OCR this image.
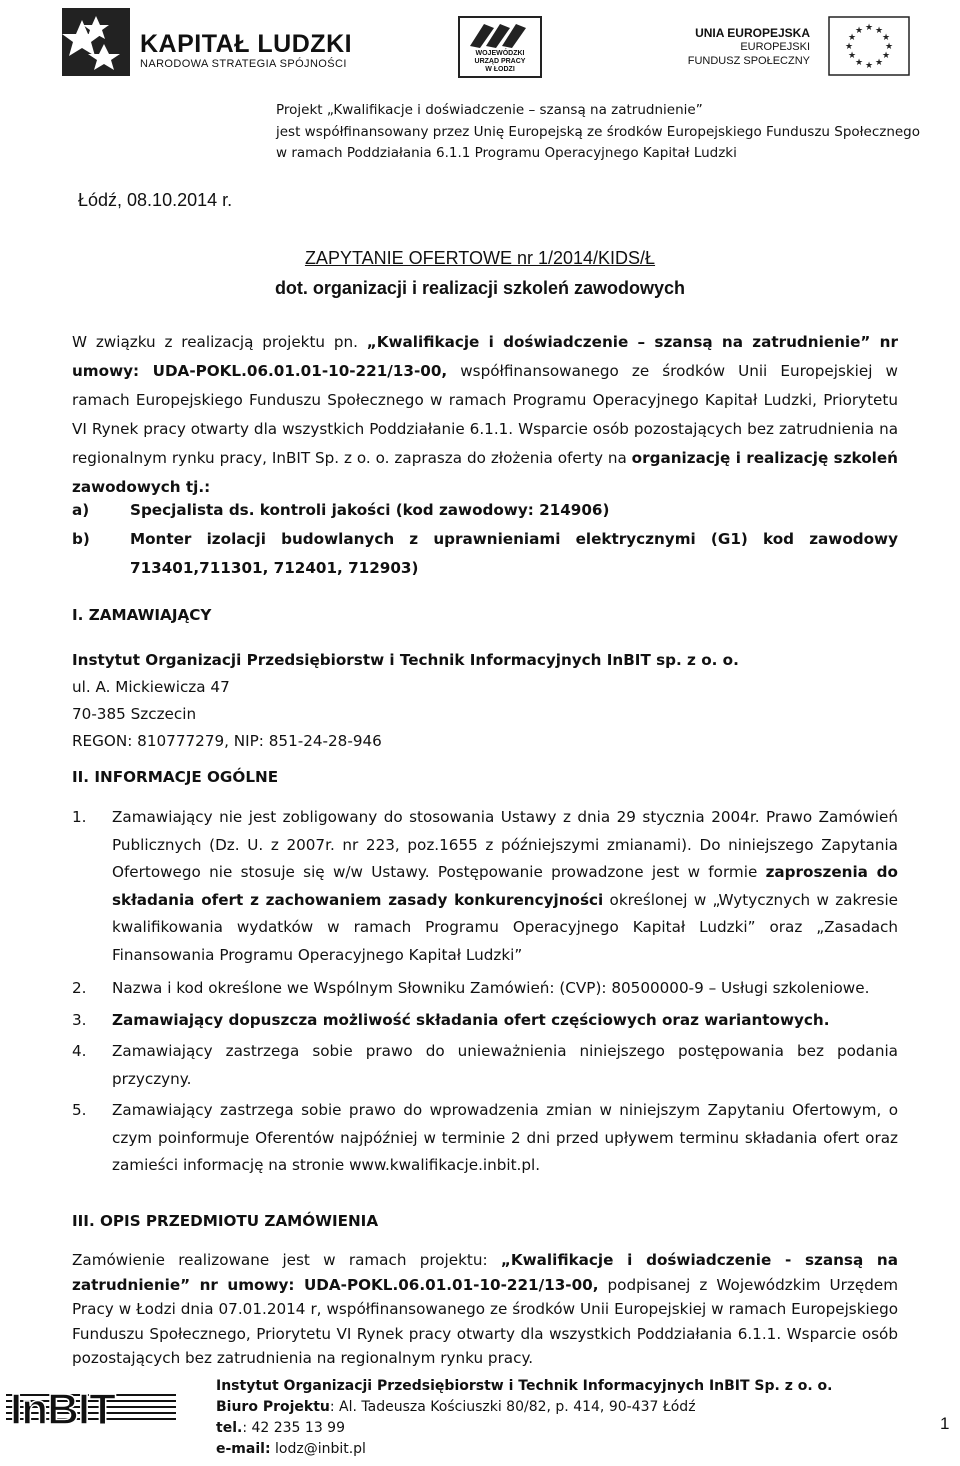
KAPITAŁ LUDZKI
NARODOWA STRATEGIA SPÓJNOŚCI
WOJEWÓDZKI
URZĄD PRACY
W ŁODZI
UNIA EUROPEJSKA
EUROPEJSKI
FUNDUSZ SPOŁECZNY
★ ★
★
★
★
★
★
★
★
★
★
★
Projekt „Kwalifikacje i doświadczenie – szansą na zatrudnienie”
jest współfinansowany przez Unię Europejską ze środków Europejskiego Funduszu Społecznego
w ramach Poddziałania 6.1.1 Programu Operacyjnego Kapitał Ludzki
Łódź, 08.10.2014 r.
ZAPYTANIE OFERTOWE nr 1/2014/KIDS/Ł
dot. organizacji i realizacji szkoleń zawodowych
W związku z realizacją projektu pn. „Kwalifikacje i doświadczenie – szansą na zatrudnienie” nr umowy: UDA-POKL.06.01.01-10-221/13-00, współfinansowanego ze środków Unii Europejskiej w ramach Europejskiego Funduszu Społecznego w ramach Programu Operacyjnego Kapitał Ludzki, Priorytetu VI Rynek pracy otwarty dla wszystkich Poddziałanie 6.1.1. Wsparcie osób pozostających bez zatrudnienia na regionalnym rynku pracy, InBIT Sp. z o. o. zaprasza do złożenia oferty na organizację i realizację szkoleń zawodowych tj.:
a)	Specjalista ds. kontroli jakości (kod zawodowy: 214906)
b)	Monter izolacji budowlanych z uprawnieniami elektrycznymi (G1) kod zawodowy 713401,711301, 712401, 712903)
I. ZAMAWIAJĄCY
Instytut Organizacji Przedsiębiorstw i Technik Informacyjnych InBIT sp. z o. o.
ul. A. Mickiewicza 47
70-385 Szczecin
REGON: 810777279, NIP: 851-24-28-946
II. INFORMACJE OGÓLNE
1.	Zamawiający nie jest zobligowany do stosowania Ustawy z dnia 29 stycznia 2004r. Prawo Zamówień Publicznych (Dz. U. z 2007r. nr 223, poz.1655 z późniejszymi zmianami). Do niniejszego Zapytania Ofertowego nie stosuje się w/w Ustawy. Postępowanie prowadzone jest w formie zaproszenia do składania ofert z zachowaniem zasady konkurencyjności określonej w „Wytycznych w zakresie kwalifikowania wydatków w ramach Programu Operacyjnego Kapitał Ludzki” oraz „Zasadach Finansowania Programu Operacyjnego Kapitał Ludzki”
2.	Nazwa i kod określone we Wspólnym Słowniku Zamówień: (CVP): 80500000-9 – Usługi szkoleniowe.
3.	Zamawiający dopuszcza możliwość składania ofert częściowych oraz wariantowych.
4.	Zamawiający zastrzega sobie prawo do unieważnienia niniejszego postępowania bez podania przyczyny.
5.	Zamawiający zastrzega sobie prawo do wprowadzenia zmian w niniejszym Zapytaniu Ofertowym, o czym poinformuje Oferentów najpóźniej w terminie 2 dni przed upływem terminu składania ofert oraz zamieści informację na stronie www.kwalifikacje.inbit.pl.
III. OPIS PRZEDMIOTU ZAMÓWIENIA
Zamówienie realizowane jest w ramach projektu: „Kwalifikacje i doświadczenie - szansą na zatrudnienie” nr umowy: UDA-POKL.06.01.01-10-221/13-00, podpisanej z Wojewódzkim Urzędem Pracy w Łodzi dnia 07.01.2014 r, współfinansowanego ze środków Unii Europejskiej w ramach Europejskiego Funduszu Społecznego, Priorytetu VI Rynek pracy otwarty dla wszystkich Poddziałania 6.1.1. Wsparcie osób pozostających bez zatrudnienia na regionalnym rynku pracy.
InBIT	Instytut Organizacji Przedsiębiorstw i Technik Informacyjnych InBIT Sp. z o. o.
Biuro Projektu: Al. Tadeusza Kościuszki 80/82, p. 414, 90-437 Łódź
tel.: 42 235 13 99
e-mail: lodz@inbit.pl
1
